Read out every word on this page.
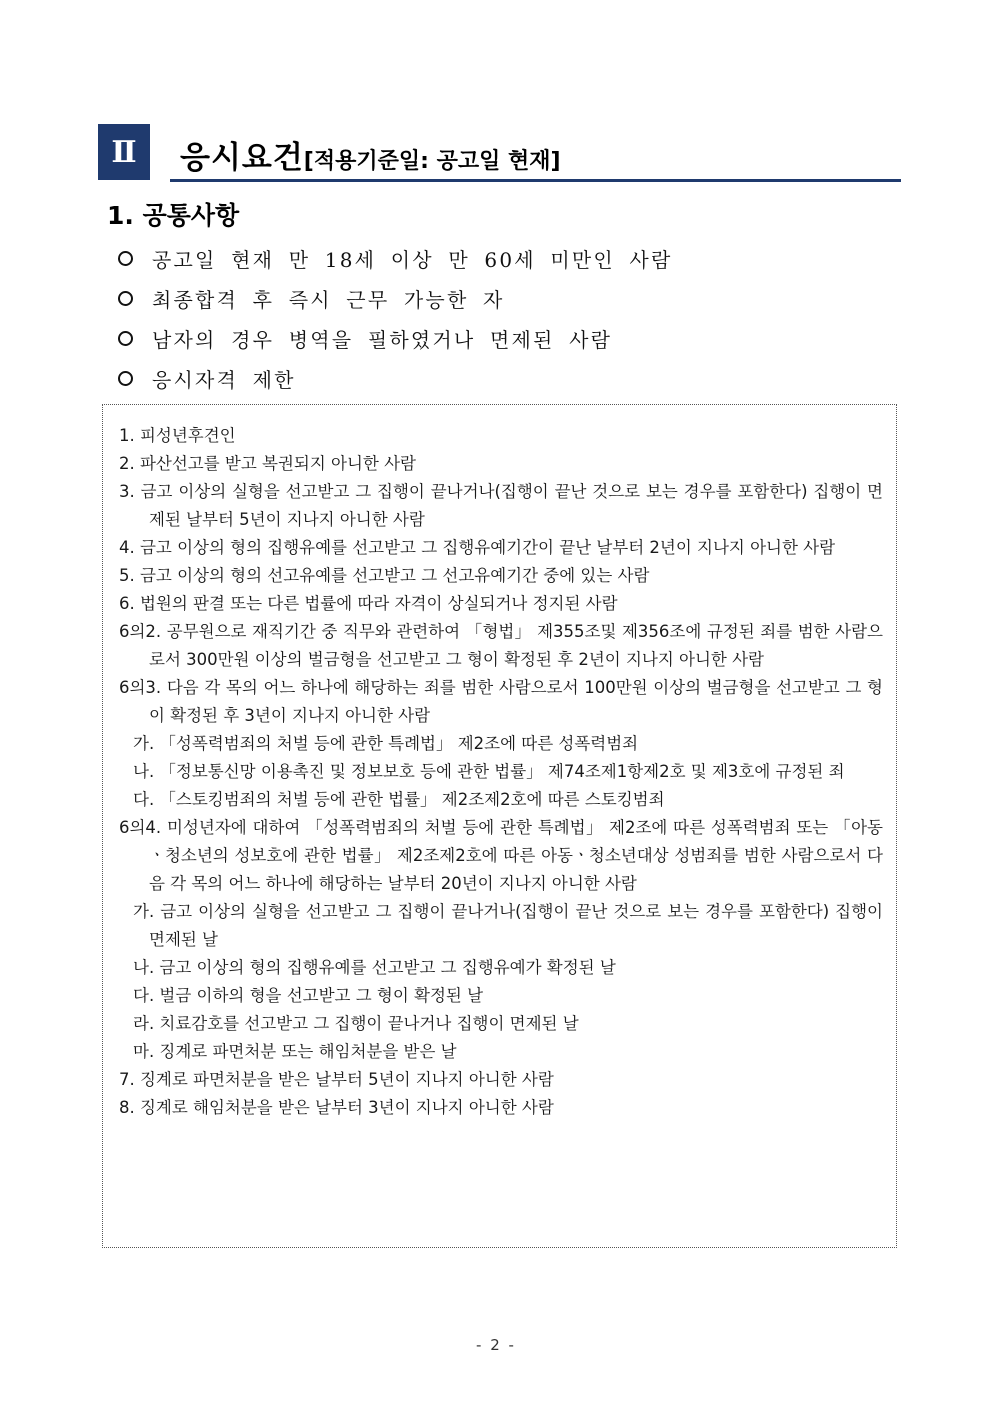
Ⅱ	응시요건[적용기준일: 공고일 현재]
1. 공통사항
공고일 현재 만 18세 이상 만 60세 미만인 사람
최종합격 후 즉시 근무 가능한 자
남자의 경우 병역을 필하였거나 면제된 사람
응시자격 제한
1. 피성년후견인
2. 파산선고를 받고 복권되지 아니한 사람
3. 금고 이상의 실형을 선고받고 그 집행이 끝나거나(집행이 끝난 것으로 보는 경우를 포함한다) 집행이 면제된 날부터 5년이 지나지 아니한 사람
4. 금고 이상의 형의 집행유예를 선고받고 그 집행유예기간이 끝난 날부터 2년이 지나지 아니한 사람
5. 금고 이상의 형의 선고유예를 선고받고 그 선고유예기간 중에 있는 사람
6. 법원의 판결 또는 다른 법률에 따라 자격이 상실되거나 정지된 사람
6의2. 공무원으로 재직기간 중 직무와 관련하여 「형법」 제355조및 제356조에 규정된 죄를 범한 사람으로서 300만원 이상의 벌금형을 선고받고 그 형이 확정된 후 2년이 지나지 아니한 사람
6의3. 다음 각 목의 어느 하나에 해당하는 죄를 범한 사람으로서 100만원 이상의 벌금형을 선고받고 그 형이 확정된 후 3년이 지나지 아니한 사람
가. 「성폭력범죄의 처벌 등에 관한 특례법」 제2조에 따른 성폭력범죄
나. 「정보통신망 이용촉진 및 정보보호 등에 관한 법률」 제74조제1항제2호 및 제3호에 규정된 죄
다. 「스토킹범죄의 처벌 등에 관한 법률」 제2조제2호에 따른 스토킹범죄
6의4. 미성년자에 대하여 「성폭력범죄의 처벌 등에 관한 특례법」 제2조에 따른 성폭력범죄 또는 「아동ㆍ청소년의 성보호에 관한 법률」 제2조제2호에 따른 아동ㆍ청소년대상 성범죄를 범한 사람으로서 다음 각 목의 어느 하나에 해당하는 날부터 20년이 지나지 아니한 사람
가. 금고 이상의 실형을 선고받고 그 집행이 끝나거나(집행이 끝난 것으로 보는 경우를 포함한다) 집행이 면제된 날
나. 금고 이상의 형의 집행유예를 선고받고 그 집행유예가 확정된 날
다. 벌금 이하의 형을 선고받고 그 형이 확정된 날
라. 치료감호를 선고받고 그 집행이 끝나거나 집행이 면제된 날
마. 징계로 파면처분 또는 해임처분을 받은 날
7. 징계로 파면처분을 받은 날부터 5년이 지나지 아니한 사람
8. 징계로 해임처분을 받은 날부터 3년이 지나지 아니한 사람
- 2 -
